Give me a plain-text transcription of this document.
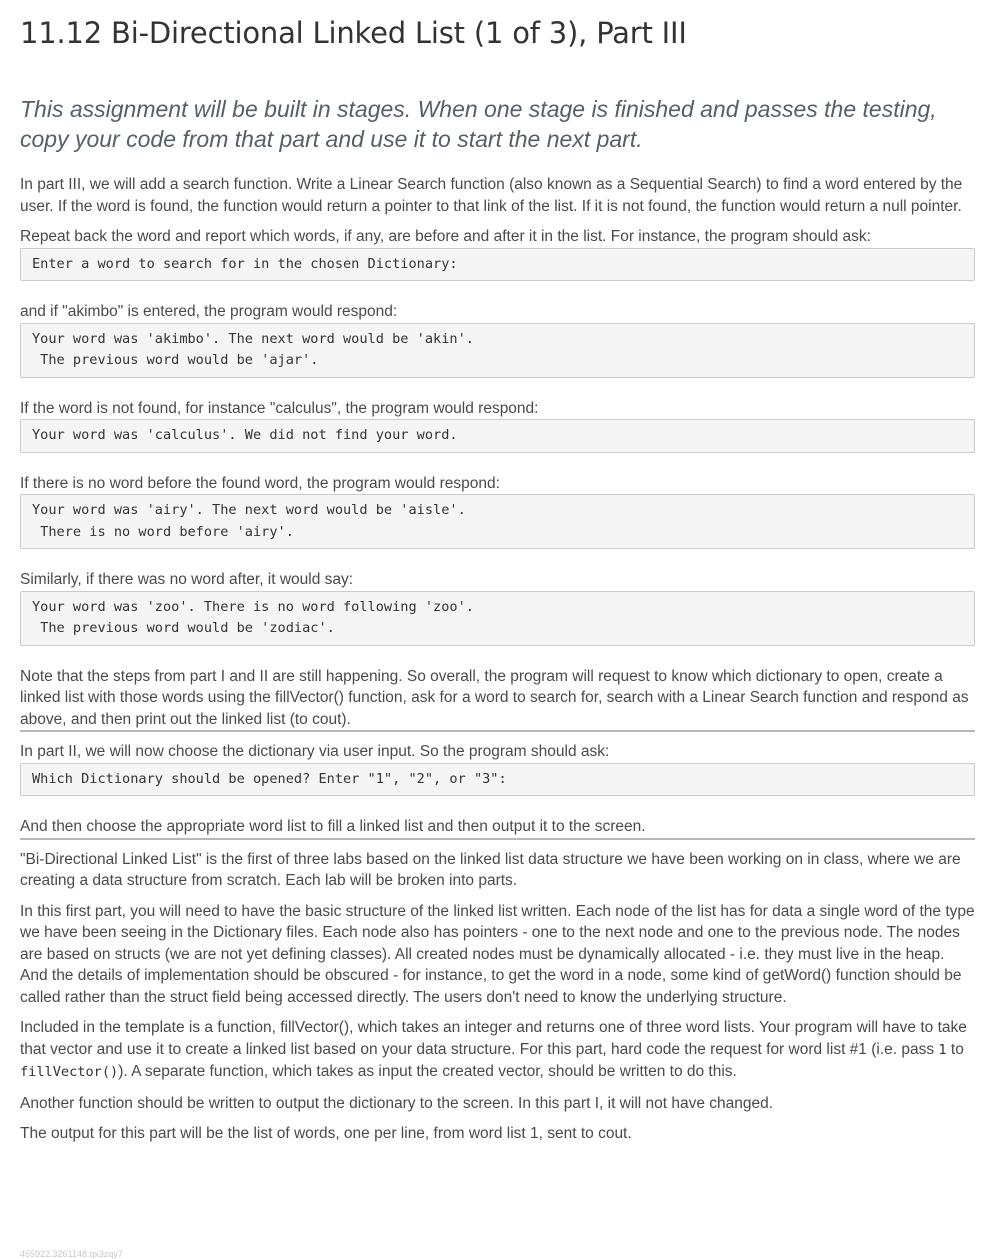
11.12 Bi-Directional Linked List (1 of 3), Part III
This assignment will be built in stages. When one stage is finished and passes the testing, copy your code from that part and use it to start the next part.

In part III, we will add a search function. Write a Linear Search function (also known as a Sequential Search) to find a word entered by the user. If the word is found, the function would return a pointer to that link of the list. If it is not found, the function would return a null pointer.

Repeat back the word and report which words, if any, are before and after it in the list. For instance, the program should ask:

Enter a word to search for in the chosen Dictionary:

and if "akimbo" is entered, the program would respond:

Your word was 'akimbo'. The next word would be 'akin'.
The previous word would be 'ajar'.

If the word is not found, for instance "calculus", the program would respond:

Your word was 'calculus'. We did not find your word.

If there is no word before the found word, the program would respond:

Your word was 'airy'. The next word would be 'aisle'.
There is no word before 'airy'.

Similarly, if there was no word after, it would say:

Your word was 'zoo'. There is no word following 'zoo'.
The previous word would be 'zodiac'.

Note that the steps from part I and II are still happening. So overall, the program will request to know which dictionary to open, create a linked list with those words using the fillVector() function, ask for a word to search for, search with a Linear Search function and respond as above, and then print out the linked list (to cout).

In part II, we will now choose the dictionary via user input. So the program should ask:

Which Dictionary should be opened? Enter "1", "2", or "3":

And then choose the appropriate word list to fill a linked list and then output it to the screen.

"Bi-Directional Linked List" is the first of three labs based on the linked list data structure we have been working on in class, where we are creating a data structure from scratch. Each lab will be broken into parts.

In this first part, you will need to have the basic structure of the linked list written. Each node of the list has for data a single word of the type we have been seeing in the Dictionary files. Each node also has pointers - one to the next node and one to the previous node. The nodes are based on structs (we are not yet defining classes). All created nodes must be dynamically allocated - i.e. they must live in the heap. And the details of implementation should be obscured - for instance, to get the word in a node, some kind of getWord() function should be called rather than the struct field being accessed directly. The users don't need to know the underlying structure.

Included in the template is a function, fillVector(), which takes an integer and returns one of three word lists. Your program will have to take that vector and use it to create a linked list based on your data structure. For this part, hard code the request for word list #1 (i.e. pass 1 to fillVector()). A separate function, which takes as input the created vector, should be written to do this.

Another function should be written to output the dictionary to the screen. In this part I, it will not have changed.

The output for this part will be the list of words, one per line, from word list 1, sent to cout.

465922.3261148.qx3zqy7
